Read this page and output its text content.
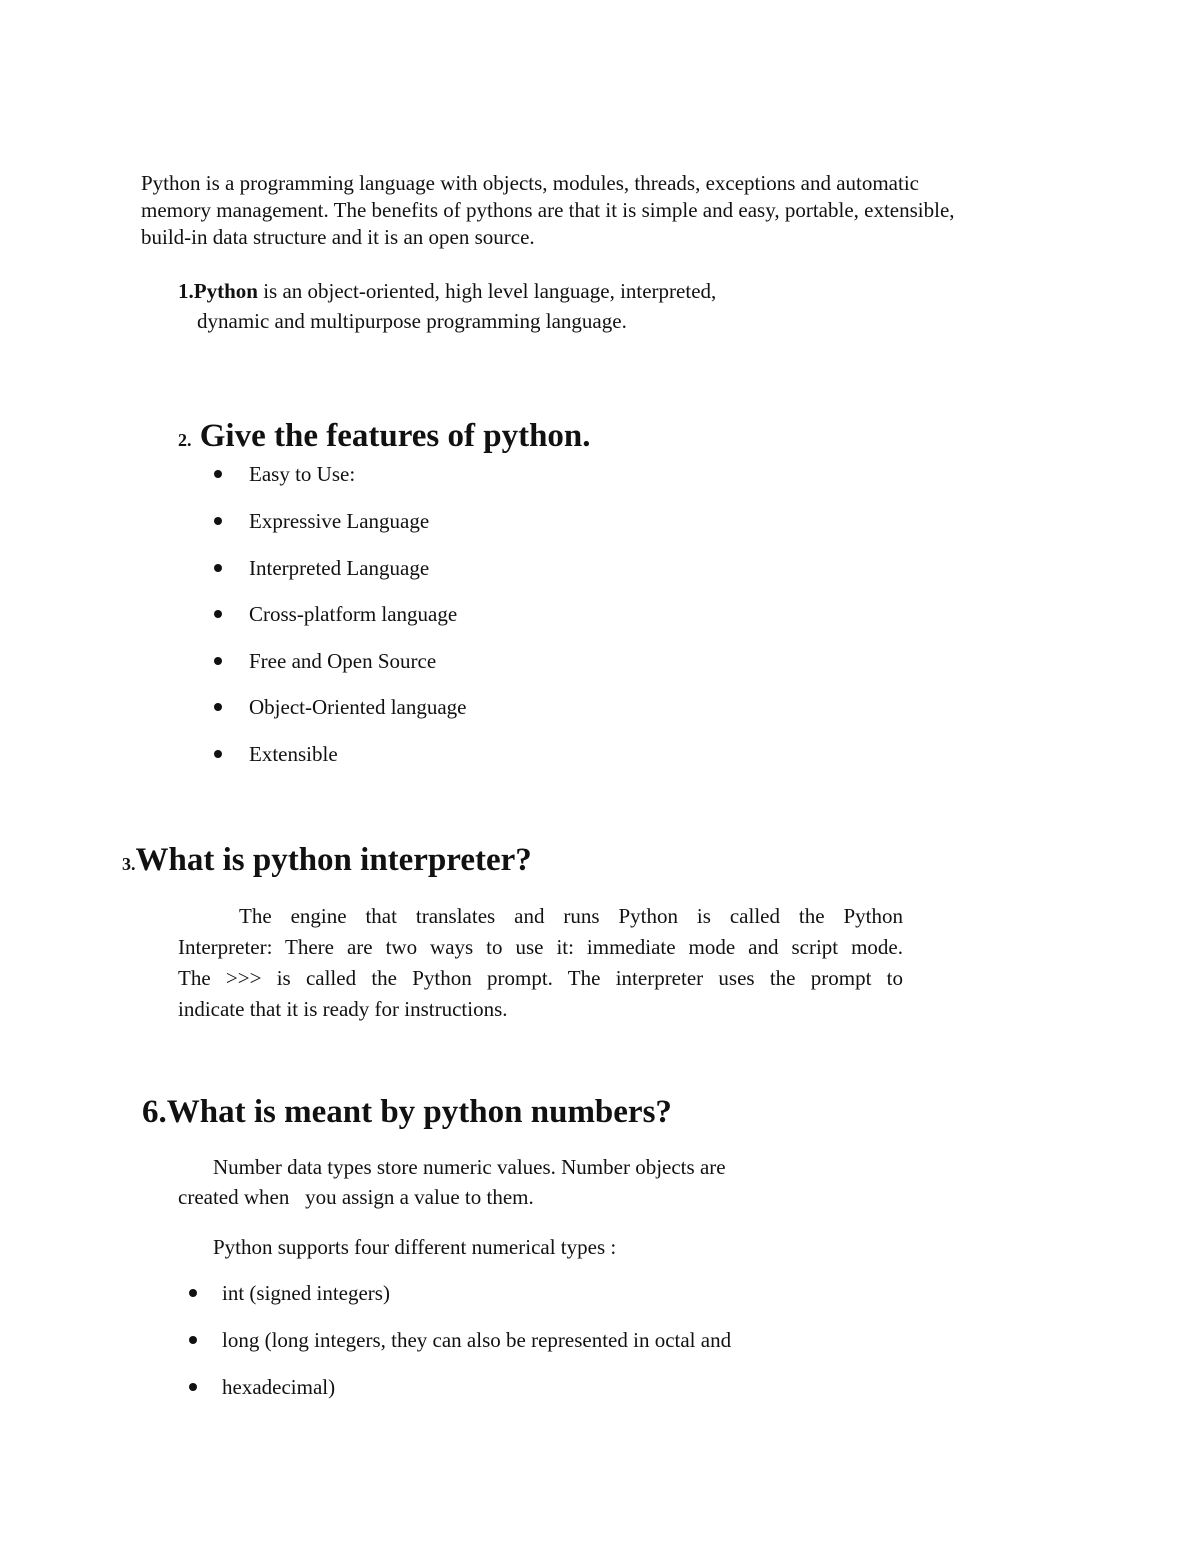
Python is a programming language with objects, modules, threads, exceptions and automatic
memory management. The benefits of pythons are that it is simple and easy, portable, extensible,
build-in data structure and it is an open source.
1.Python is an object-oriented, high level language, interpreted,
dynamic and multipurpose programming language.
2. Give the features of python.
Easy to Use:
Expressive Language
Interpreted Language
Cross-platform language
Free and Open Source
Object-Oriented language
Extensible
3.What is python interpreter?
The engine that translates and runs Python is called the Python
Interpreter: There are two ways to use it: immediate mode and script mode.
The >>> is called the Python prompt. The interpreter uses the prompt to
indicate that it is ready for instructions.
6.What is meant by python numbers?
Number data types store numeric values. Number objects are
created when   you assign a value to them.
Python supports four different numerical types :
int (signed integers)
long (long integers, they can also be represented in octal and
hexadecimal)
